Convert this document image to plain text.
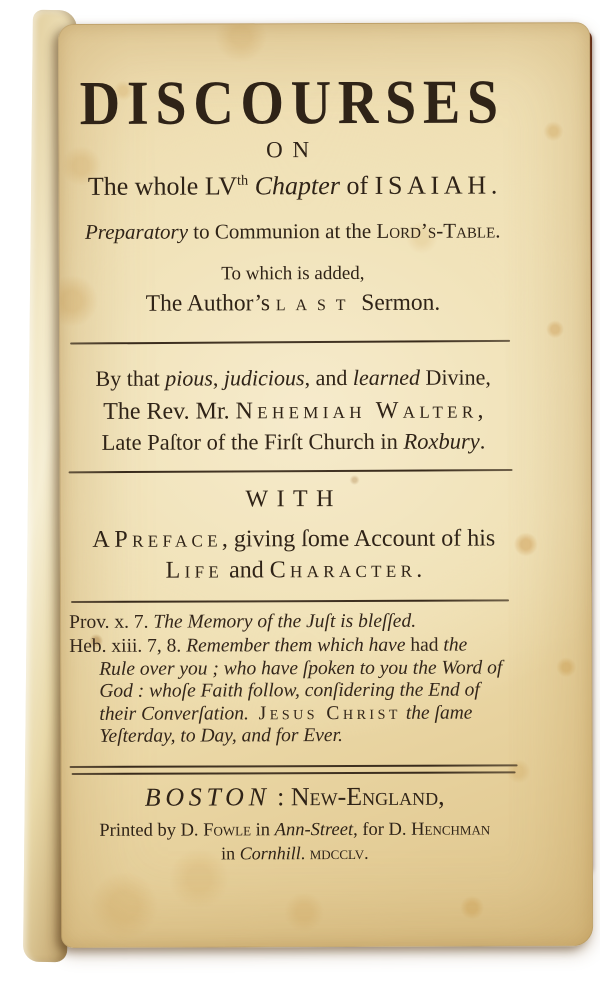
DISCOURSES
ON
The whole LVth Chapter of ISAIAH.
Preparatory to Communion at the Lord’s-Table.
To which is added,
The Author’s last Sermon.
By that pious, judicious, and learned Divine,
The Rev. Mr. Nehemiah Walter,
Late Paſtor of the Firſt Church in Roxbury.
WITH
A Preface, giving ſome Account of his
Life and Character.
Prov. x. 7. The Memory of the Juſt is bleſſed.
Heb. xiii. 7, 8. Remember them which have had the
Rule over you ; who have ſpoken to you the Word of
God : whoſe Faith follow, conſidering the End of
their Converſation.  Jesus Christ the ſame
Yeſterday, to Day, and for Ever.
BOSTON : New-England,
Printed by D. Fowle in Ann-Street, for D. Henchman
in Cornhill. mdcclv.
